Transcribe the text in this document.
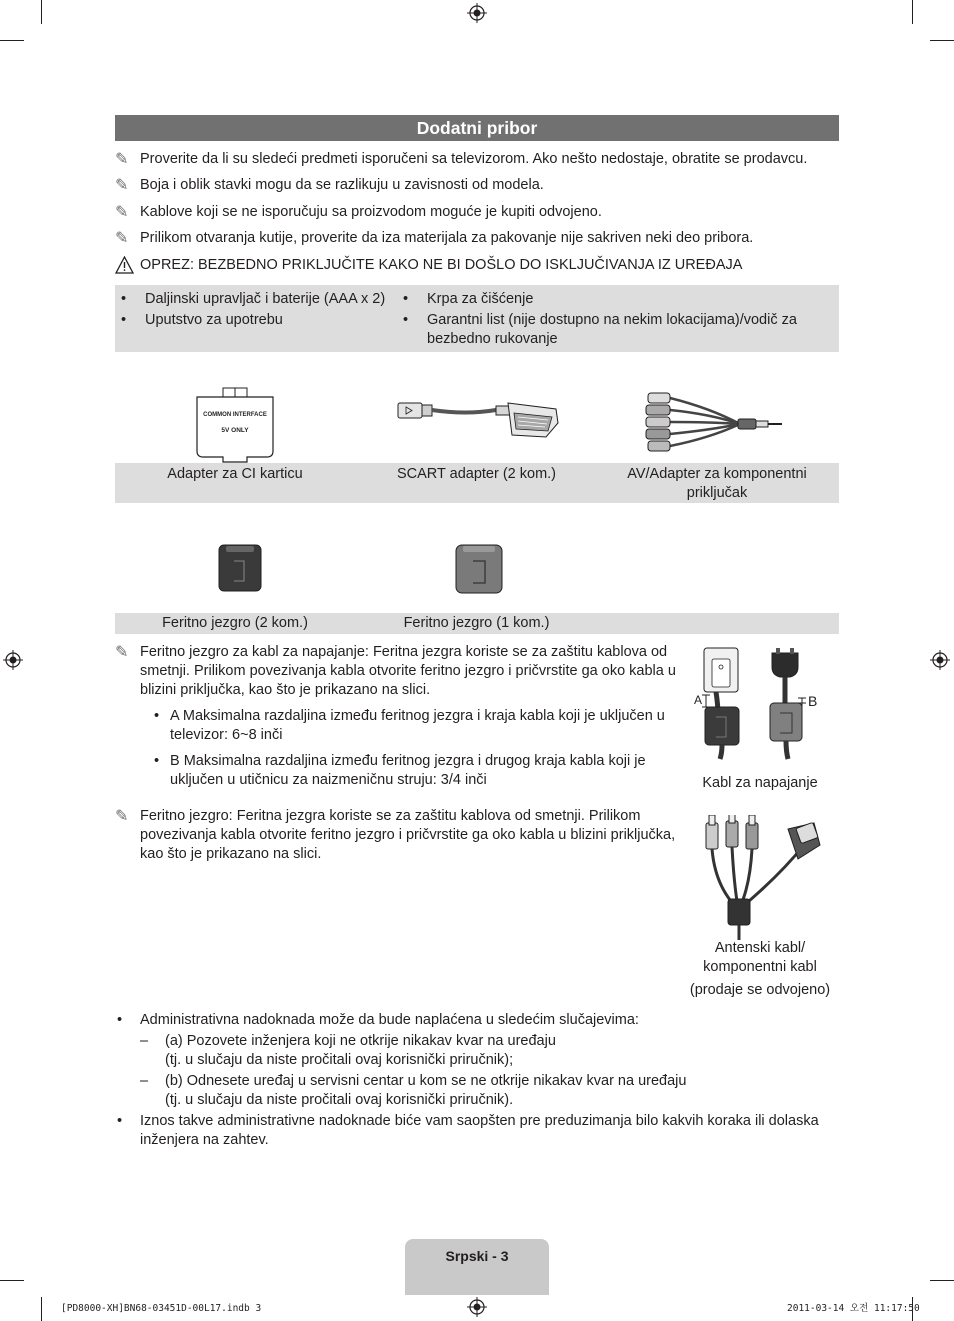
Dodatni pribor
✎ Proverite da li su sledeći predmeti isporučeni sa televizorom. Ako nešto nedostaje, obratite se prodavcu.
✎ Boja i oblik stavki mogu da se razlikuju u zavisnosti od modela.
✎ Kablove koji se ne isporučuju sa proizvodom moguće je kupiti odvojeno.
✎ Prilikom otvaranja kutije, proverite da iza materijala za pakovanje nije sakriven neki deo pribora.
OPREZ: BEZBEDNO PRIKLJUČITE KAKO NE BI DOŠLO DO ISKLJUČIVANJA IZ UREĐAJA
•	Daljinski upravljač i baterije (AAA x 2)
•	Uputstvo za upotrebu
•	Krpa za čišćenje
•	Garantni list (nije dostupno na nekim lokacijama)/vodič za bezbedno rukovanje
COMMON INTERFACE
5V ONLY
Adapter za CI karticu	SCART adapter (2 kom.)	AV/Adapter za komponentni priključak
Feritno jezgro (2 kom.)	Feritno jezgro (1 kom.)
✎ Feritno jezgro za kabl za napajanje: Feritna jezgra koriste se za zaštitu kablova od smetnji. Prilikom povezivanja kabla otvorite feritno jezgro i pričvrstite ga oko kabla u blizini priključka, kao što je prikazano na slici.
• A Maksimalna razdaljina između feritnog jezgra i kraja kabla koji je uključen u televizor: 6~8 inči
• B Maksimalna razdaljina između feritnog jezgra i drugog kraja kabla koji je uključen u utičnicu za naizmeničnu struju: 3/4 inči
A	B
Kabl za napajanje
✎ Feritno jezgro: Feritna jezgra koriste se za zaštitu kablova od smetnji. Prilikom povezivanja kabla otvorite feritno jezgro i pričvrstite ga oko kabla u blizini priključka, kao što je prikazano na slici.
Antenski kabl/
komponentni kabl
(prodaje se odvojeno)
•	Administrativna nadoknada može da bude naplaćena u sledećim slučajevima:
–	(a) Pozovete inženjera koji ne otkrije nikakav kvar na uređaju
(tj. u slučaju da niste pročitali ovaj korisnički priručnik);
–	(b) Odnesete uređaj u servisni centar u kom se ne otkrije nikakav kvar na uređaju
(tj. u slučaju da niste pročitali ovaj korisnički priručnik).
•	Iznos takve administrativne nadoknade biće vam saopšten pre preduzimanja bilo kakvih koraka ili dolaska inženjera na zahtev.
Srpski - 3
[PD8000-XH]BN68-03451D-00L17.indb 3	2011-03-14 오전 11:17:50
